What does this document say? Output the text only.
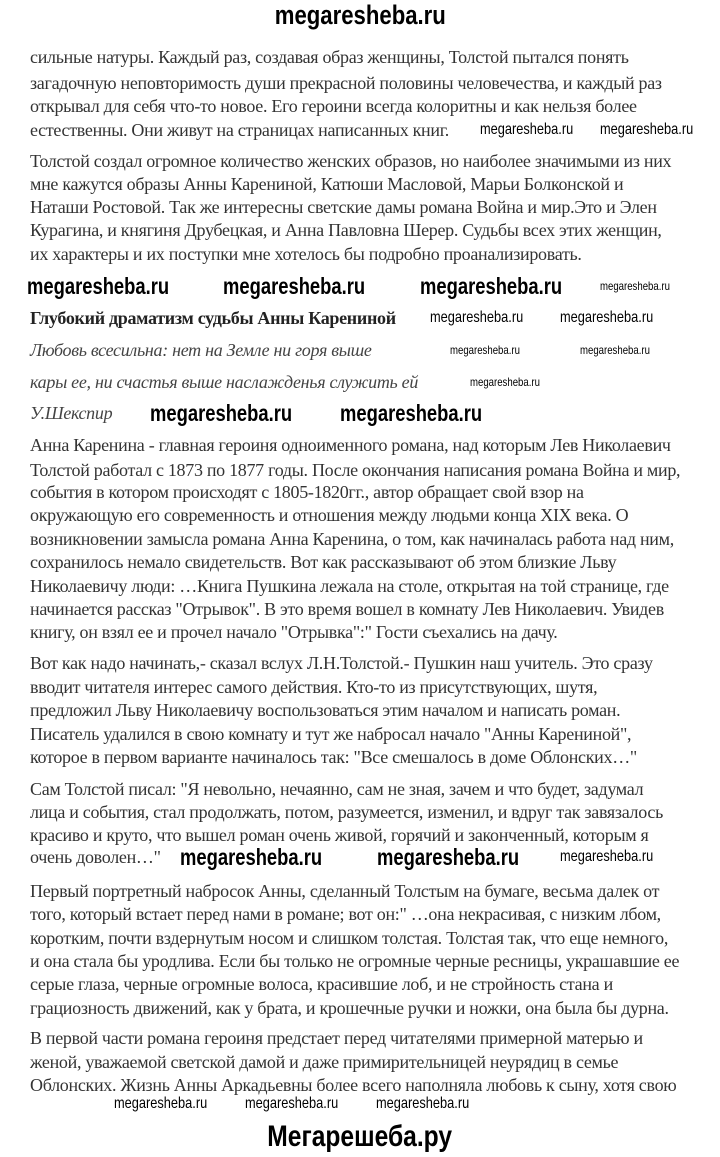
megaresheba.ru
сильные натуры. Каждый раз, создавая образ женщины, Толстой пытался понять
загадочную неповторимость души прекрасной половины человечества, и каждый раз
открывал для себя что-то новое. Его героини всегда колоритны и как нельзя более
естественны. Они живут на страницах написанных книг.
Толстой создал огромное количество женских образов, но наиболее значимыми из них
мне кажутся образы Анны Карениной, Катюши Масловой, Марьи Болконской и
Наташи Ростовой. Так же интересны светские дамы романа Война и мир.Это и Элен
Курагина, и княгиня Друбецкая, и Анна Павловна Шерер. Судьбы всех этих женщин,
их характеры и их поступки мне хотелось бы подробно проанализировать.
Глубокий драматизм судьбы Анны Карениной
Любовь всесильна: нет на Земле ни горя выше
кары ее, ни счастья выше наслажденья служить ей
У.Шекспир
Анна Каренина - главная героиня одноименного романа, над которым Лев Николаевич
Толстой работал с 1873 по 1877 годы. После окончания написания романа Война и мир,
события в котором происходят с 1805-1820гг., автор обращает свой взор на
окружающую его современность и отношения между людьми конца XIX века. О
возникновении замысла романа Анна Каренина, о том, как начиналась работа над ним,
сохранилось немало свидетельств. Вот как рассказывают об этом близкие Льву
Николаевичу люди: …Книга Пушкина лежала на столе, открытая на той странице, где
начинается рассказ "Отрывок". В это время вошел в комнату Лев Николаевич. Увидев
книгу, он взял ее и прочел начало "Отрывка":" Гости съехались на дачу.
Вот как надо начинать,- сказал вслух Л.Н.Толстой.- Пушкин наш учитель. Это сразу
вводит читателя интерес самого действия. Кто-то из присутствующих, шутя,
предложил Льву Николаевичу воспользоваться этим началом и написать роман.
Писатель удалился в свою комнату и тут же набросал начало "Анны Карениной",
которое в первом варианте начиналось так: "Все смешалось в доме Облонских…"
Сам Толстой писал: "Я невольно, нечаянно, сам не зная, зачем и что будет, задумал
лица и события, стал продолжать, потом, разумеется, изменил, и вдруг так завязалось
красиво и круто, что вышел роман очень живой, горячий и законченный, которым я
очень доволен…"
Первый портретный набросок Анны, сделанный Толстым на бумаге, весьма далек от
того, который встает перед нами в романе; вот он:" …она некрасивая, с низким лбом,
коротким, почти вздернутым носом и слишком толстая. Толстая так, что еще немного,
и она стала бы уродлива. Если бы только не огромные черные ресницы, украшавшие ее
серые глаза, черные огромные волоса, красившие лоб, и не стройность стана и
грациозность движений, как у брата, и крошечные ручки и ножки, она была бы дурна.
В первой части романа героиня предстает перед читателями примерной матерью и
женой, уважаемой светской дамой и даже примирительницей неурядиц в семье
Облонских. Жизнь Анны Аркадьевны более всего наполняла любовь к сыну, хотя свою
megaresheba.ru megaresheba.ru
megaresheba.ru
megaresheba.ru megaresheba.ru	megaresheba.ru
megaresheba.ru megaresheba.ru
megaresheba.ru
megaresheba.ru
megaresheba.ru megaresheba.ru
megaresheba.ru
megaresheba.ru
megaresheba.ru megaresheba.ru
megaresheba.ru megaresheba.ru megaresheba.ru
Мегарешеба.ру
